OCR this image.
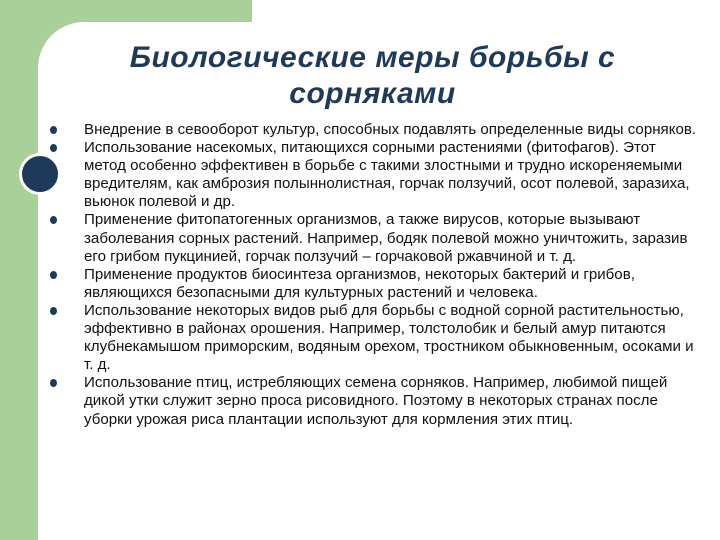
Биологические меры борьбы с сорняками
Внедрение в севооборот культур, способных подавлять определенные виды сорняков.
Использование насекомых, питающихся сорными растениями (фитофагов). Этот метод особенно эффективен в борьбе с такими злостными и трудно искореняемыми вредителям, как амброзия полыннолистная, горчак ползучий, осот полевой, заразиха, вьюнок полевой и др.
Применение фитопатогенных организмов, а также вирусов, которые вызывают заболевания сорных растений. Например, бодяк полевой можно уничтожить, заразив его грибом пукцинией, горчак ползучий – горчаковой ржавчиной и т. д.
Применение продуктов биосинтеза организмов, некоторых бактерий и грибов, являющихся безопасными для культурных растений и человека.
Использование некоторых видов рыб для борьбы с водной сорной растительностью, эффективно в районах орошения. Например, толстолобик и белый амур питаются клубнекамышом приморским, водяным орехом, тростником обыкновенным, осоками и т. д.
Использование птиц, истребляющих семена сорняков. Например, любимой пищей дикой утки служит зерно проса рисовидного. Поэтому в некоторых странах после уборки урожая риса плантации используют для кормления этих птиц.
